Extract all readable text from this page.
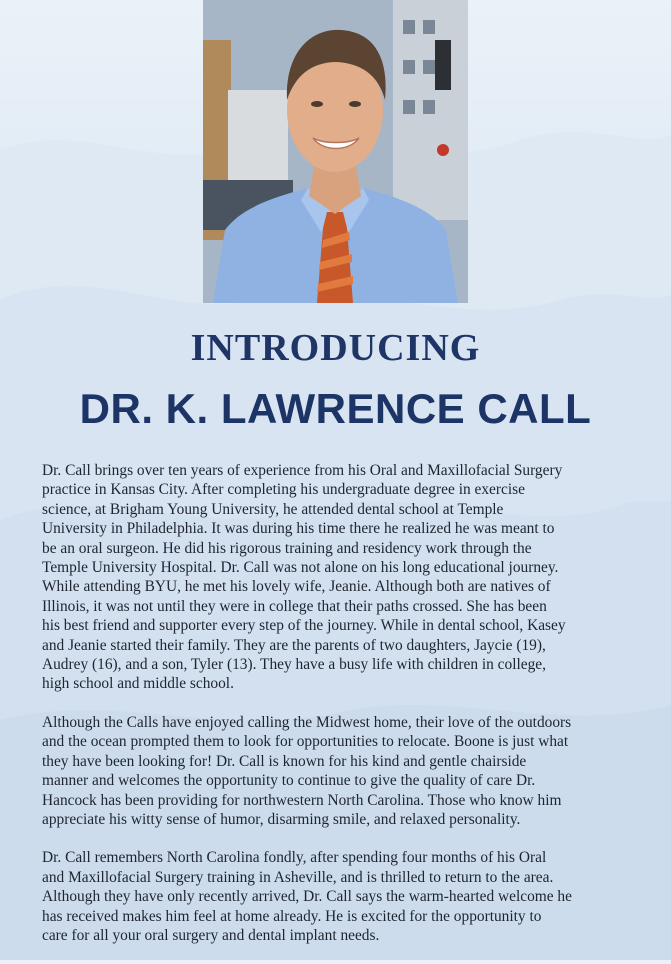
INTRODUCING
DR. K. LAWRENCE CALL

Dr. Call brings over ten years of experience from his Oral and Maxillofacial Surgery
practice in Kansas City. After completing his undergraduate degree in exercise
science, at Brigham Young University, he attended dental school at Temple
University in Philadelphia. It was during his time there he realized he was meant to
be an oral surgeon. He did his rigorous training and residency work through the
Temple University Hospital. Dr. Call was not alone on his long educational journey.
While attending BYU, he met his lovely wife, Jeanie. Although both are natives of
Illinois, it was not until they were in college that their paths crossed. She has been
his best friend and supporter every step of the journey. While in dental school, Kasey
and Jeanie started their family. They are the parents of two daughters, Jaycie (19),
Audrey (16), and a son, Tyler (13). They have a busy life with children in college,
high school and middle school.

Although the Calls have enjoyed calling the Midwest home, their love of the outdoors
and the ocean prompted them to look for opportunities to relocate. Boone is just what
they have been looking for! Dr. Call is known for his kind and gentle chairside
manner and welcomes the opportunity to continue to give the quality of care Dr.
Hancock has been providing for northwestern North Carolina. Those who know him
appreciate his witty sense of humor, disarming smile, and relaxed personality.

Dr. Call remembers North Carolina fondly, after spending four months of his Oral
and Maxillofacial Surgery training in Asheville, and is thrilled to return to the area.
Although they have only recently arrived, Dr. Call says the warm-hearted welcome he
has received makes him feel at home already. He is excited for the opportunity to
care for all your oral surgery and dental implant needs.
